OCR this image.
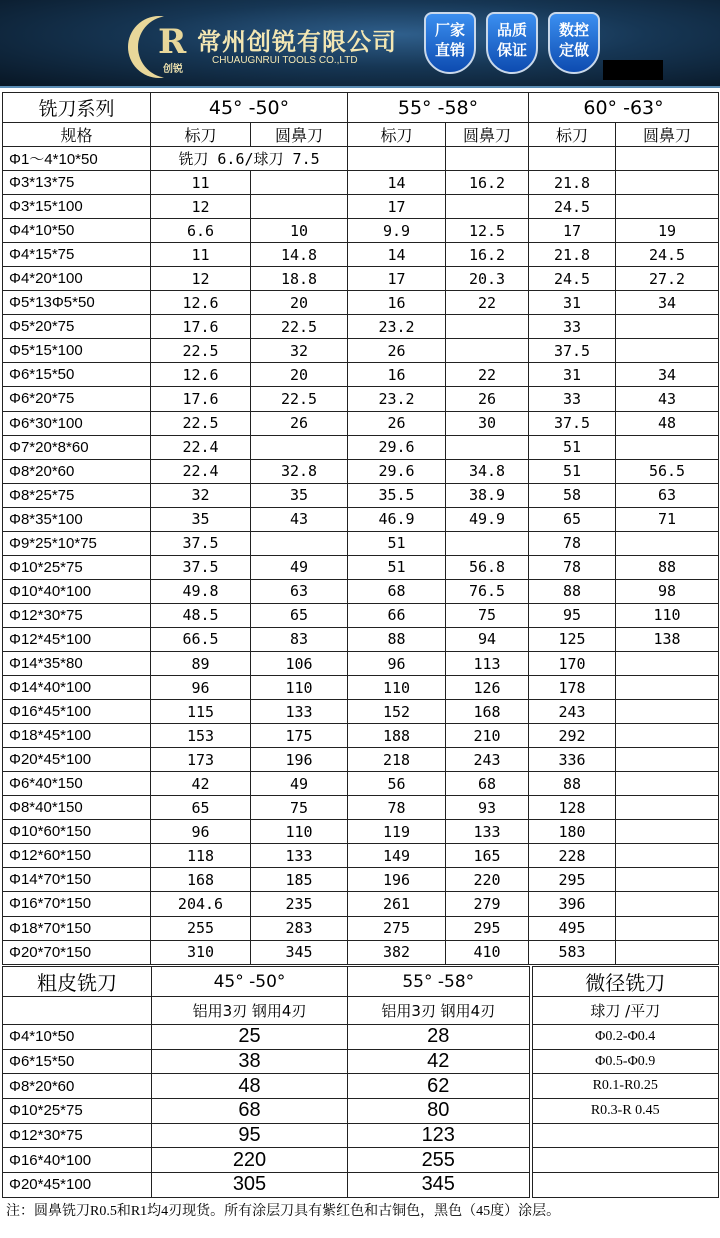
R
创锐
常州创锐有限公司
CHUAUGNRUI TOOLS CO.,LTD
厂家
直销
品质
保证
数控
定做
铣刀系列	45° -50°		55° -58°		60° -63°	
规格	标刀	圆鼻刀	标刀	圆鼻刀	标刀	圆鼻刀
Φ1～4*10*50	铣刀 6.6/球刀 7.5					
Φ3*13*75	11		14	16.2	21.8	
Φ3*15*100	12		17		24.5	
Φ4*10*50	6.6	10	9.9	12.5	17	19
Φ4*15*75	11	14.8	14	16.2	21.8	24.5
Φ4*20*100	12	18.8	17	20.3	24.5	27.2
Φ5*13Φ5*50	12.6	20	16	22	31	34
Φ5*20*75	17.6	22.5	23.2		33	
Φ5*15*100	22.5	32	26		37.5	
Φ6*15*50	12.6	20	16	22	31	34
Φ6*20*75	17.6	22.5	23.2	26	33	43
Φ6*30*100	22.5	26	26	30	37.5	48
Φ7*20*8*60	22.4		29.6		51	
Φ8*20*60	22.4	32.8	29.6	34.8	51	56.5
Φ8*25*75	32	35	35.5	38.9	58	63
Φ8*35*100	35	43	46.9	49.9	65	71
Φ9*25*10*75	37.5		51		78	
Φ10*25*75	37.5	49	51	56.8	78	88
Φ10*40*100	49.8	63	68	76.5	88	98
Φ12*30*75	48.5	65	66	75	95	110
Φ12*45*100	66.5	83	88	94	125	138
Φ14*35*80	89	106	96	113	170	
Φ14*40*100	96	110	110	126	178	
Φ16*45*100	115	133	152	168	243	
Φ18*45*100	153	175	188	210	292	
Φ20*45*100	173	196	218	243	336	
Φ6*40*150	42	49	56	68	88	
Φ8*40*150	65	75	78	93	128	
Φ10*60*150	96	110	119	133	180	
Φ12*60*150	118	133	149	165	228	
Φ14*70*150	168	185	196	220	295	
Φ16*70*150	204.6	235	261	279	396	
Φ18*70*150	255	283	275	295	495	
Φ20*70*150	310	345	382	410	583	
粗皮铣刀	45° -50°	55° -58°	微径铣刀
	铝用3刃 钢用4刃	铝用3刃 钢用4刃	球刀 /平刀
Φ4*10*50	25	28	Φ0.2-Φ0.4
Φ6*15*50	38	42	Φ0.5-Φ0.9
Φ8*20*60	48	62	R0.1-R0.25
Φ10*25*75	68	80	R0.3-R 0.45
Φ12*30*75	95	123	
Φ16*40*100	220	255	
Φ20*45*100	305	345	
注：圆鼻铣刀R0.5和R1均4刃现货。所有涂层刀具有紫红色和古铜色，黑色（45度）涂层。
